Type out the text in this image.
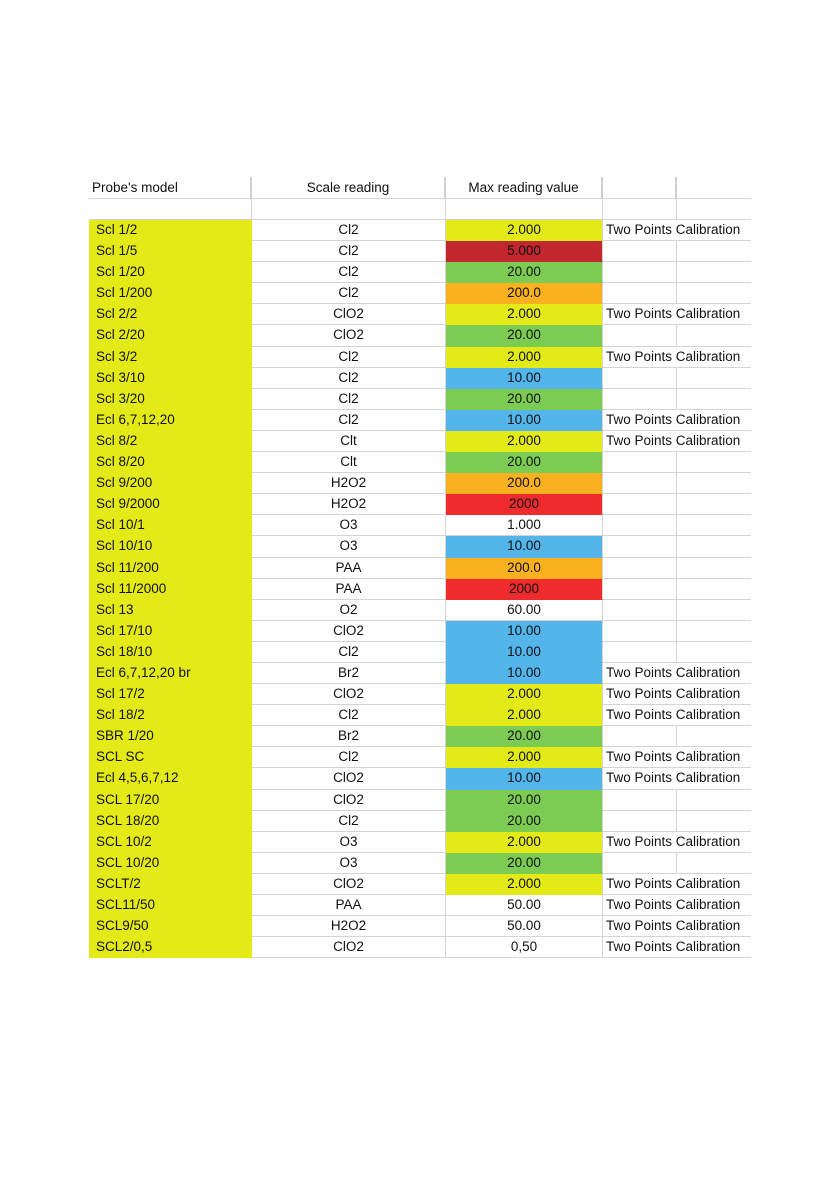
Probe's model	Scale reading	Max reading value
Scl 1/2	Cl2	2.000	Two Points Calibration
Scl 1/5	Cl2	5.000
Scl 1/20	Cl2	20.00
Scl 1/200	Cl2	200.0
Scl 2/2	ClO2	2.000	Two Points Calibration
Scl 2/20	ClO2	20.00
Scl 3/2	Cl2	2.000	Two Points Calibration
Scl 3/10	Cl2	10.00
Scl 3/20	Cl2	20.00
Ecl 6,7,12,20	Cl2	10.00	Two Points Calibration
Scl 8/2	Clt	2.000	Two Points Calibration
Scl 8/20	Clt	20.00
Scl 9/200	H2O2	200.0
Scl 9/2000	H2O2	2000
Scl 10/1	O3	1.000
Scl 10/10	O3	10.00
Scl 11/200	PAA	200.0
Scl 11/2000	PAA	2000
Scl 13	O2	60.00
Scl 17/10	ClO2	10.00
Scl 18/10	Cl2	10.00
Ecl 6,7,12,20 br	Br2	10.00	Two Points Calibration
Scl 17/2	ClO2	2.000	Two Points Calibration
Scl 18/2	Cl2	2.000	Two Points Calibration
SBR 1/20	Br2	20.00
SCL SC	Cl2	2.000	Two Points Calibration
Ecl 4,5,6,7,12	ClO2	10.00	Two Points Calibration
SCL 17/20	ClO2	20.00
SCL 18/20	Cl2	20.00
SCL 10/2	O3	2.000	Two Points Calibration
SCL 10/20	O3	20.00
SCLT/2	ClO2	2.000	Two Points Calibration
SCL11/50	PAA	50.00	Two Points Calibration
SCL9/50	H2O2	50.00	Two Points Calibration
SCL2/0,5	ClO2	0,50	Two Points Calibration
